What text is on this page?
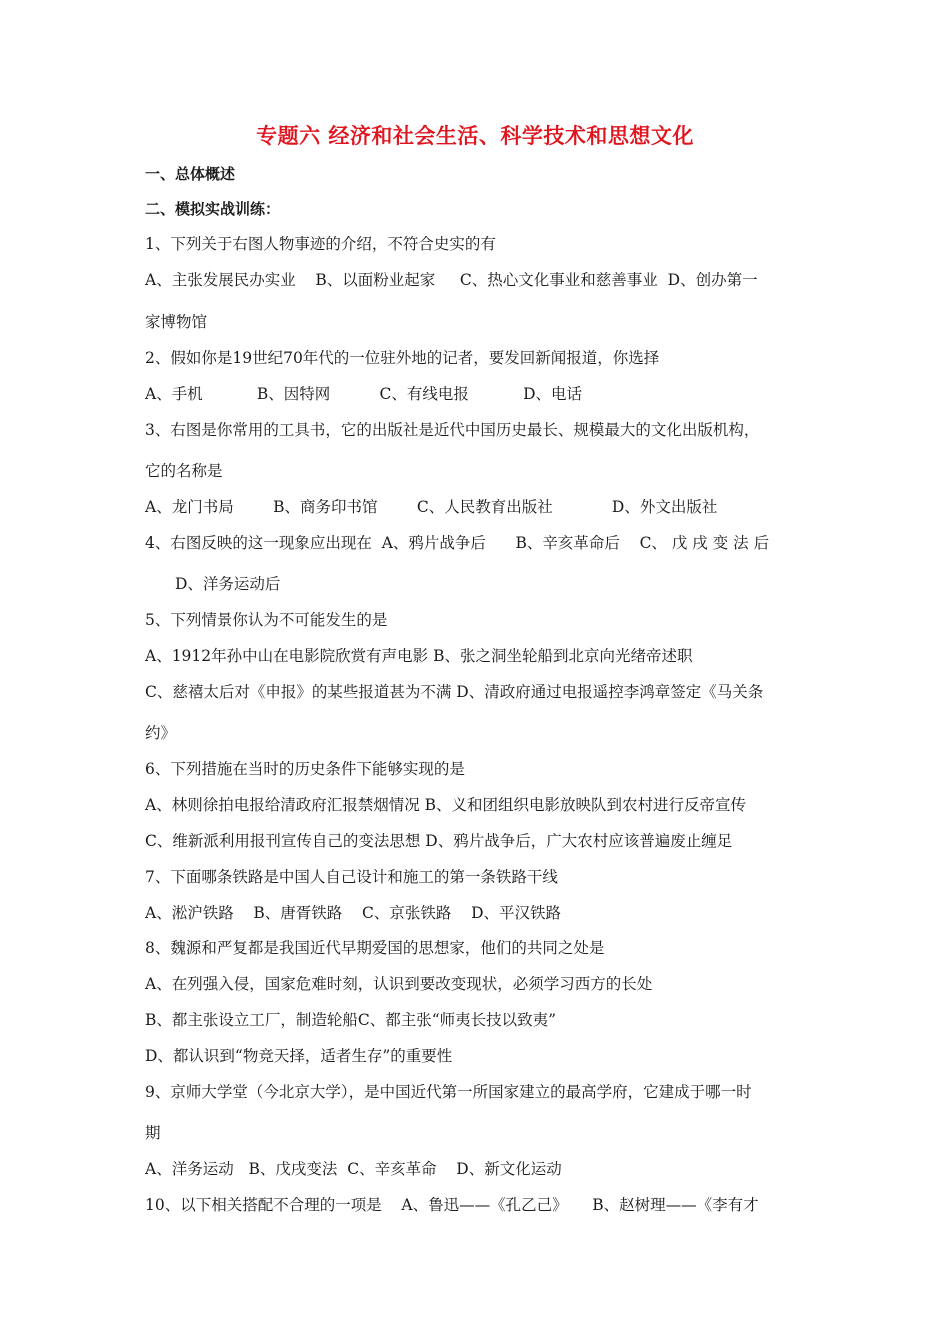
专题六 经济和社会生活、科学技术和思想文化
一、总体概述
二、模拟实战训练：
1、下列关于右图人物事迹的介绍，不符合史实的有
A、主张发展民办实业    B、以面粉业起家     C、热心文化事业和慈善事业  D、创办第一
家博物馆
2、假如你是19世纪70年代的一位驻外地的记者，要发回新闻报道，你选择
A、手机           B、因特网          C、有线电报           D、电话
3、右图是你常用的工具书，它的出版社是近代中国历史最长、规模最大的文化出版机构，
它的名称是
A、龙门书局        B、商务印书馆        C、人民教育出版社            D、外文出版社
4、右图反映的这一现象应出现在  A、鸦片战争后      B、辛亥革命后    C、 戊 戌 变 法 后
D、洋务运动后
5、下列情景你认为不可能发生的是
A、1912年孙中山在电影院欣赏有声电影 B、张之洞坐轮船到北京向光绪帝述职
C、慈禧太后对《申报》的某些报道甚为不满 D、清政府通过电报遥控李鸿章签定《马关条
约》
6、下列措施在当时的历史条件下能够实现的是
A、林则徐拍电报给清政府汇报禁烟情况 B、义和团组织电影放映队到农村进行反帝宣传
C、维新派利用报刊宣传自己的变法思想 D、鸦片战争后，广大农村应该普遍废止缠足
7、下面哪条铁路是中国人自己设计和施工的第一条铁路干线
A、淞沪铁路    B、唐胥铁路    C、京张铁路    D、平汉铁路
8、魏源和严复都是我国近代早期爱国的思想家，他们的共同之处是
A、在列强入侵，国家危难时刻，认识到要改变现状，必须学习西方的长处
B、都主张设立工厂，制造轮船C、都主张“师夷长技以致夷”
D、都认识到“物竞天择，适者生存”的重要性
9、京师大学堂（今北京大学），是中国近代第一所国家建立的最高学府，它建成于哪一时
期
A、洋务运动   B、戊戌变法  C、辛亥革命    D、新文化运动
10、以下相关搭配不合理的一项是    A、鲁迅——《孔乙己》     B、赵树理——《李有才
